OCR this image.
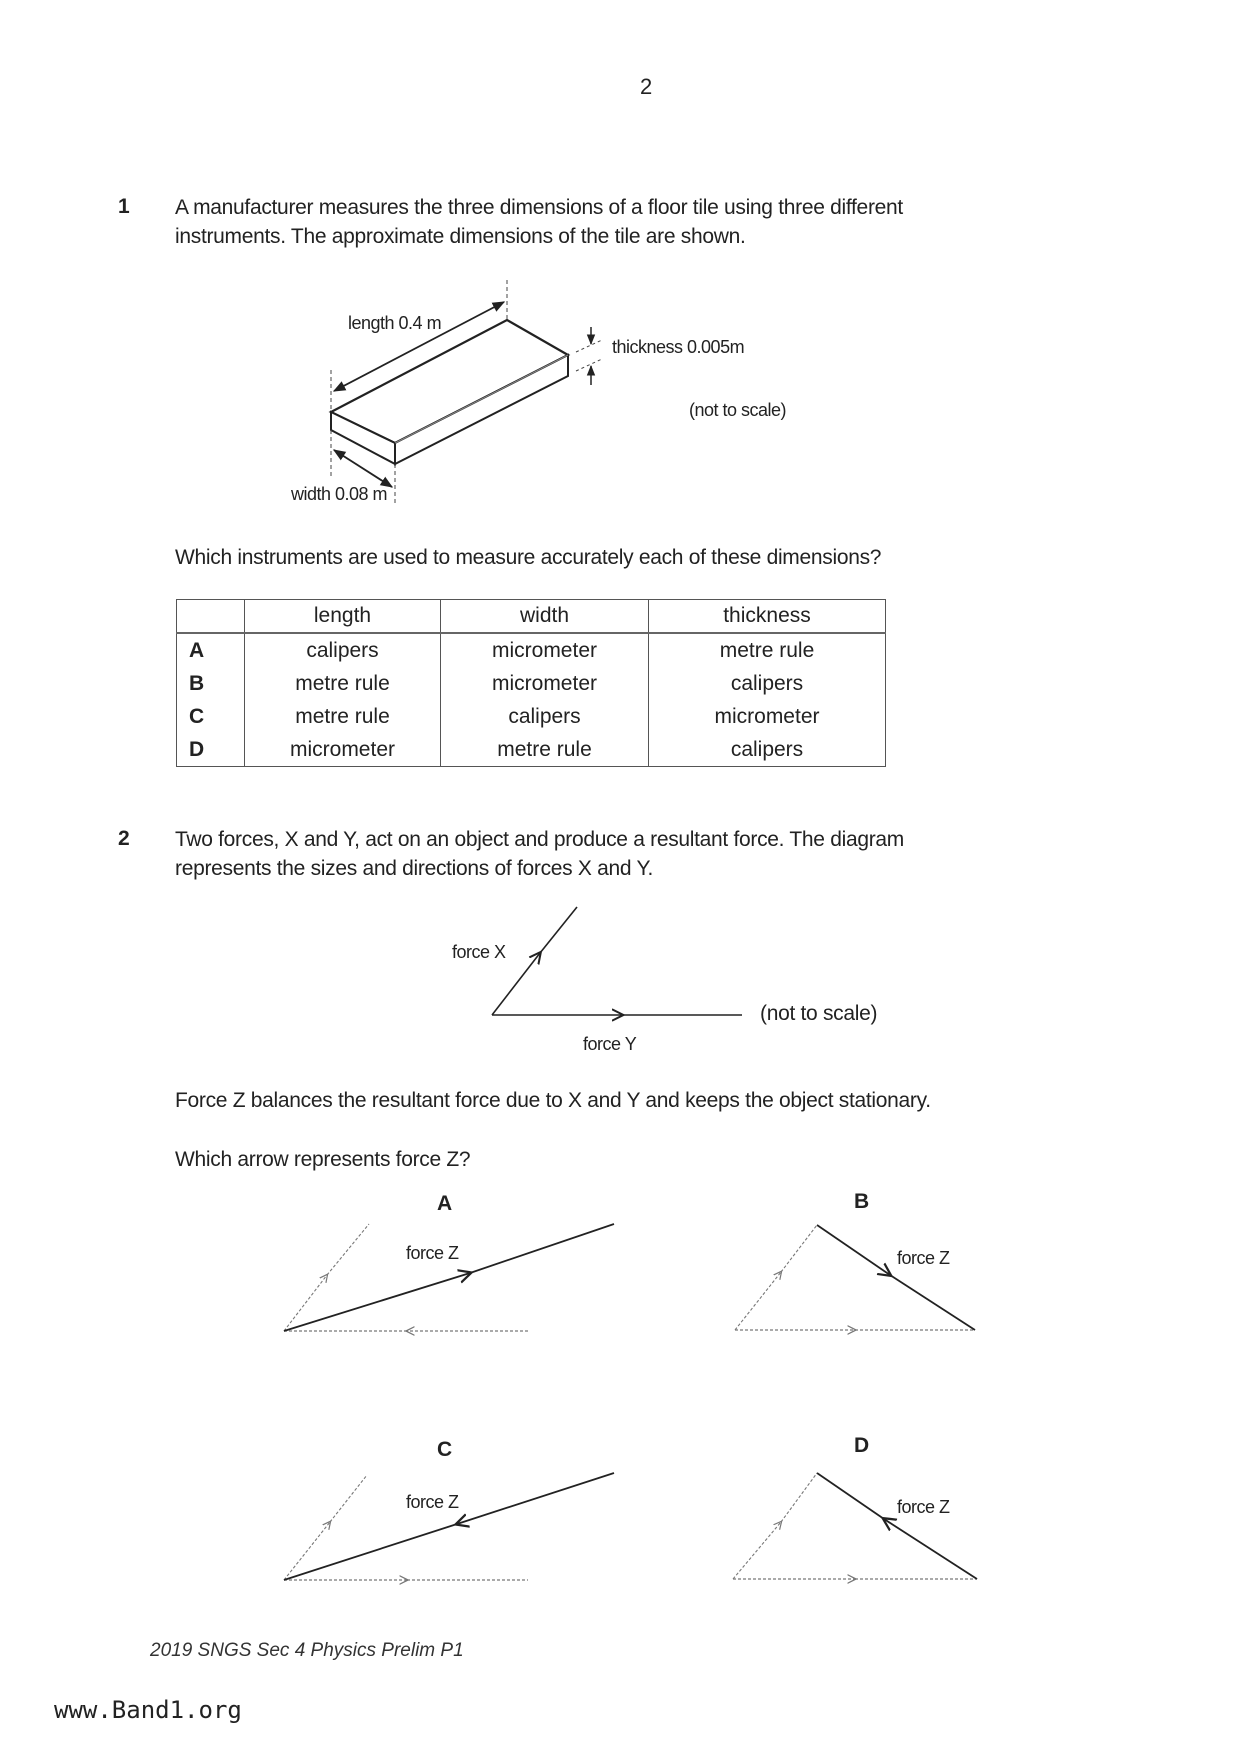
2
1 A manufacturer measures the three dimensions of a floor tile using three different
instruments. The approximate dimensions of the tile are shown.
length 0.4 m
width 0.08 m
thickness 0.005m
(not to scale)
Which instruments are used to measure accurately each of these dimensions?
	length	width	thickness
A	calipers	micrometer	metre rule
B	metre rule	micrometer	calipers
C	metre rule	calipers	micrometer
D	micrometer	metre rule	calipers
2 Two forces, X and Y, act on an object and produce a resultant force. The diagram
represents the sizes and directions of forces X and Y.
force X
force Y
(not to scale)
Force Z balances the resultant force due to X and Y and keeps the object stationary.
Which arrow represents force Z?
A
force Z
B
force Z
C
force Z
D
force Z
2019 SNGS Sec 4 Physics Prelim P1
www.Band1.org
